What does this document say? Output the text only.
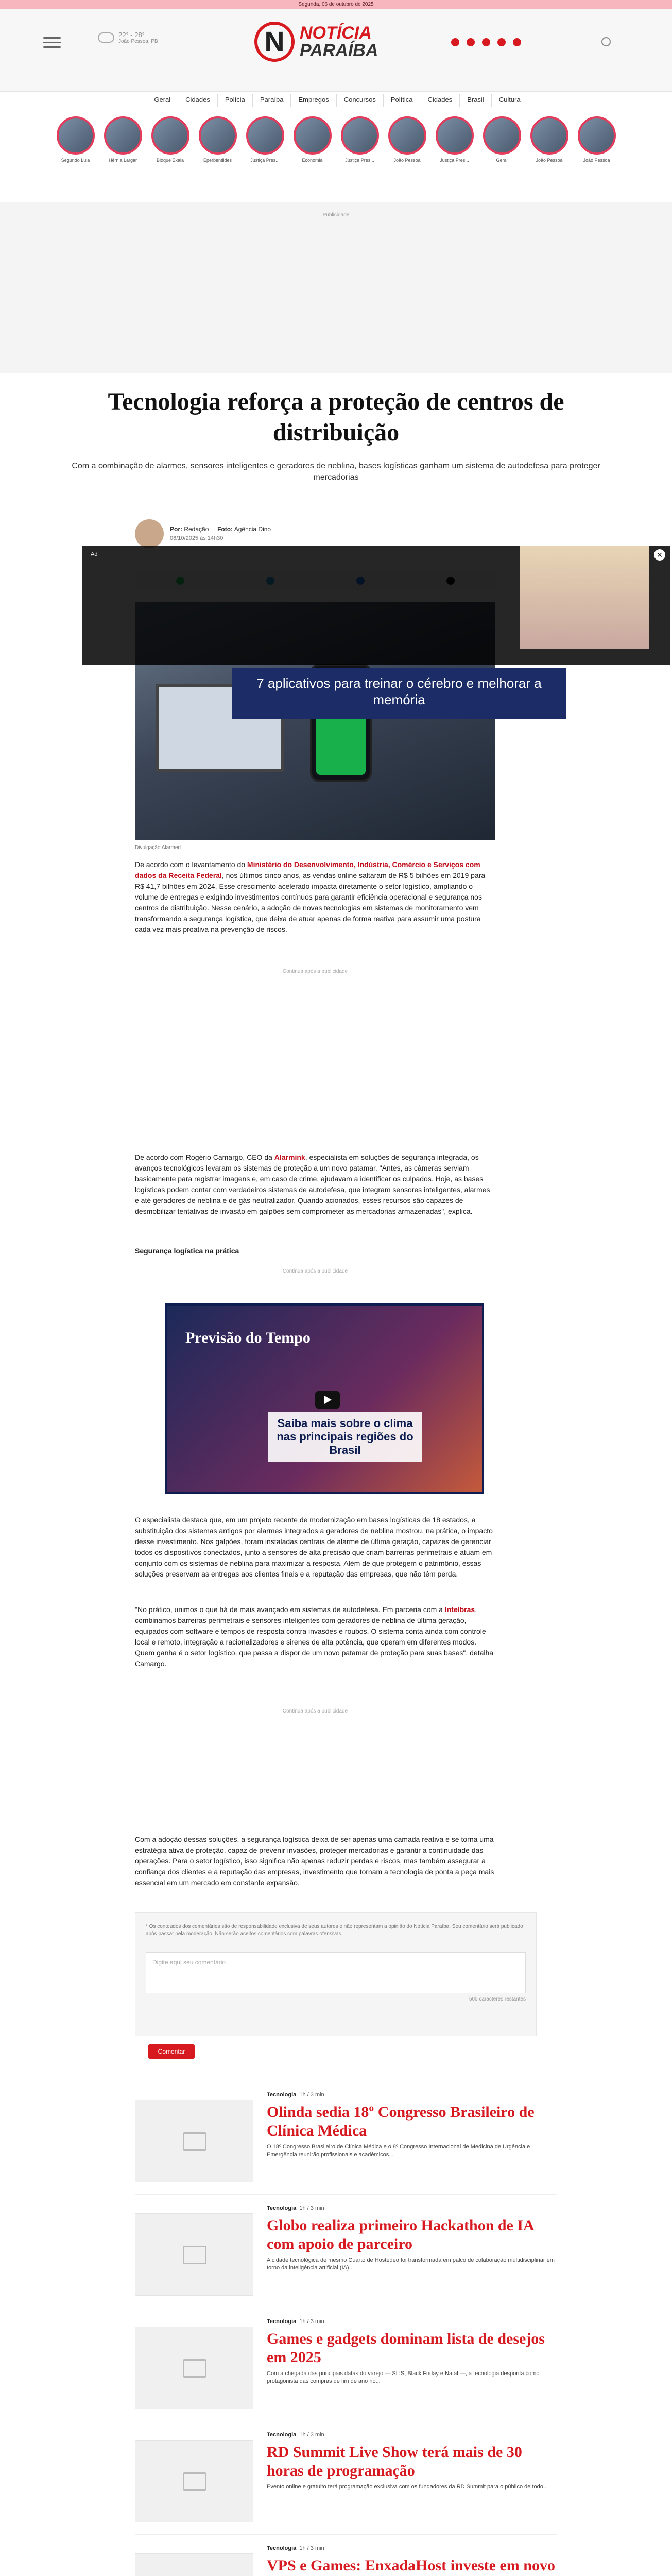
Segunda, 06 de outubro de 2025
22° - 28°
João Pessoa, PB	N NOTÍCIA
PARAÍBA
Geral	Cidades	Polícia	Paraíba	Empregos	Concursos	Política	Cidades	Brasil	Cultura
Segundo Lula	Hérnia Largar	Bloque Exala	Eperbentildes	Justiça Pres...	Economia	Justiça Pres...	João Pessoa	Justiça Pres...	Geral	João Pessoa	João Pessoa
Publicidade
Tecnologia reforça a proteção de centros de distribuição

Com a combinação de alarmes, sensores inteligentes e geradores de neblina, bases logísticas ganham um sistema de autodefesa para proteger mercadorias

Por: Redação Foto: Agência Dino
06/10/2025 às 14h30
Divulgação Alarmed
Ad	✕
7 aplicativos para treinar o cérebro e melhorar a memória

De acordo com o levantamento do Ministério do Desenvolvimento, Indústria, Comércio e Serviços com dados da Receita Federal, nos últimos cinco anos, as vendas online saltaram de R$ 5 bilhões em 2019 para R$ 41,7 bilhões em 2024. Esse crescimento acelerado impacta diretamente o setor logístico, ampliando o volume de entregas e exigindo investimentos contínuos para garantir eficiência operacional e segurança nos centros de distribuição. Nesse cenário, a adoção de novas tecnologias em sistemas de monitoramento vem transformando a segurança logística, que deixa de atuar apenas de forma reativa para assumir uma postura cada vez mais proativa na prevenção de riscos.

Continua após a publicidade

De acordo com Rogério Camargo, CEO da Alarmink, especialista em soluções de segurança integrada, os avanços tecnológicos levaram os sistemas de proteção a um novo patamar. "Antes, as câmeras serviam basicamente para registrar imagens e, em caso de crime, ajudavam a identificar os culpados. Hoje, as bases logísticas podem contar com verdadeiros sistemas de autodefesa, que integram sensores inteligentes, alarmes e até geradores de neblina e de gás neutralizador. Quando acionados, esses recursos são capazes de desmobilizar tentativas de invasão em galpões sem comprometer as mercadorias armazenadas", explica.

Segurança logística na prática
Continua após a publicidade
Previsão do Tempo
Saiba mais sobre o clima nas principais regiões do Brasil

O especialista destaca que, em um projeto recente de modernização em bases logísticas de 18 estados, a substituição dos sistemas antigos por alarmes integrados a geradores de neblina mostrou, na prática, o impacto desse investimento. Nos galpões, foram instaladas centrais de alarme de última geração, capazes de gerenciar todos os dispositivos conectados, junto a sensores de alta precisão que criam barreiras perimetrais e atuam em conjunto com os sistemas de neblina para maximizar a resposta. Além de que protegem o patrimônio, essas soluções preservam as entregas aos clientes finais e a reputação das empresas, que não têm perda.

"No prático, unimos o que há de mais avançado em sistemas de autodefesa. Em parceria com a Intelbras, combinamos barreiras perimetrais e sensores inteligentes com geradores de neblina de última geração, equipados com software e tempos de resposta contra invasões e roubos. O sistema conta ainda com controle local e remoto, integração a racionalizadores e sirenes de alta potência, que operam em diferentes modos. Quem ganha é o setor logístico, que passa a dispor de um novo patamar de proteção para suas bases", detalha Camargo.

Continua após a publicidade

Com a adoção dessas soluções, a segurança logística deixa de ser apenas uma camada reativa e se torna uma estratégia ativa de proteção, capaz de prevenir invasões, proteger mercadorias e garantir a continuidade das operações. Para o setor logístico, isso significa não apenas reduzir perdas e riscos, mas também assegurar a confiança dos clientes e a reputação das empresas, investimento que tornam a tecnologia de ponta a peça mais essencial em um mercado em constante expansão.

* Os conteúdos dos comentários são de responsabilidade exclusiva de seus autores e não representam a opinião do Notícia Paraíba. Seu comentário será publicado após passar pela moderação. Não serão aceitos comentários com palavras ofensivas.
Digite aqui seu comentário
500 caracteres restantes
Comentar
Tecnologia 1h / 3 min
Olinda sedia 18º Congresso Brasileiro de Clínica Médica
O 18º Congresso Brasileiro de Clínica Médica e o 8º Congresso Internacional de Medicina de Urgência e Emergência reunirão profissionais e acadêmicos...
Tecnologia 1h / 3 min
Globo realiza primeiro Hackathon de IA com apoio de parceiro
A cidade tecnológica de mesmo Cuarto de Hostedeo foi transformada em palco de colaboração multidisciplinar em torno da inteligência artificial (IA)...
Tecnologia 1h / 3 min
Games e gadgets dominam lista de desejos em 2025
Com a chegada das principais datas do varejo — SLIS, Black Friday e Natal —, a tecnologia desponta como protagonista das compras de fim de ano no...
Tecnologia 1h / 3 min
RD Summit Live Show terá mais de 30 horas de programação
Evento online e gratuito terá programação exclusiva com os fundadores da RD Summit para o público de todo...
Tecnologia 1h / 3 min
VPS e Games: EnxadaHost investe em novo
